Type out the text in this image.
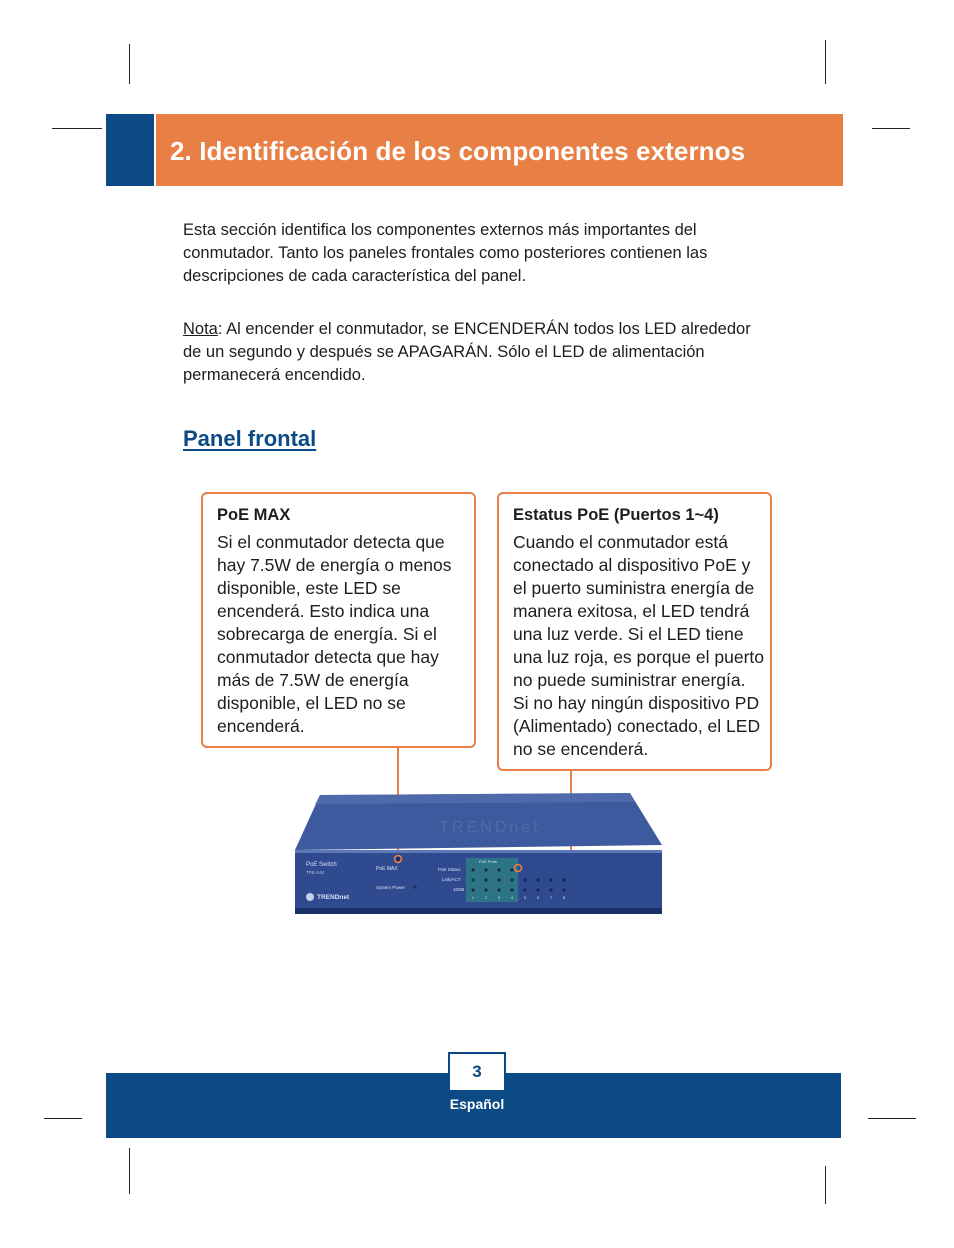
2. Identificación de los componentes externos

Esta sección identifica los componentes externos más importantes del
conmutador. Tanto los paneles frontales como posteriores contienen las
descripciones de cada característica del panel.

Nota: Al encender el conmutador, se ENCENDERÁN todos los LED alrededor
de un segundo y después se APAGARÁN. Sólo el LED de alimentación
permanecerá encendido.

Panel frontal

PoE MAX

Si el conmutador detecta que
hay 7.5W de energía o menos
disponible, este LED se
encenderá. Esto indica una
sobrecarga de energía. Si el
conmutador detecta que hay
más de 7.5W de energía
disponible, el LED no se
encenderá.

Estatus PoE (Puertos 1~4)

Cuando el conmutador está
conectado al dispositivo PoE y
el puerto suministra energía de
manera exitosa, el LED tendrá
una luz verde. Si el LED tiene
una luz roja, es porque el puerto
no puede suministrar energía.
Si no hay ningún dispositivo PD
(Alimentado) conectado, el LED
no se encenderá.

TRENDnet
PoE Switch
TPE-S44
TRENDnet
PoE MAX
System Power
PoE Status
Link/ACT
100M
PoE Ports
1	2	3	4	5	6	7	8
3
Español
